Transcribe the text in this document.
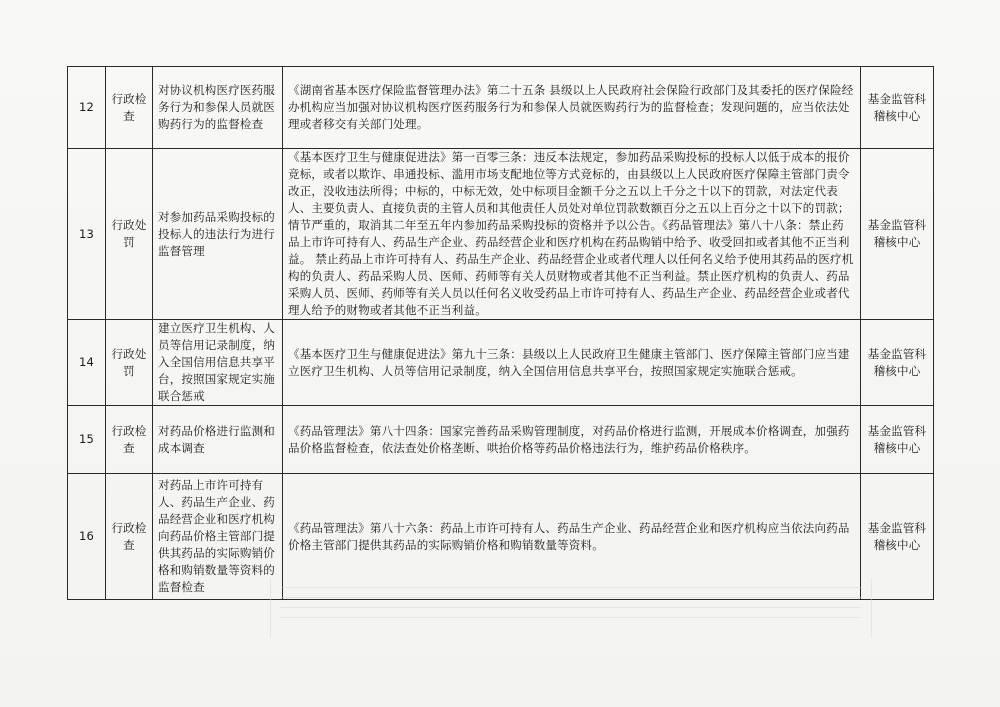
12	行政检查	对协议机构医疗医药服务行为和参保人员就医购药行为的监督检查	《湖南省基本医疗保险监督管理办法》第二十五条 县级以上人民政府社会保险行政部门及其委托的医疗保险经办机构应当加强对协议机构医疗医药服务行为和参保人员就医购药行为的监督检查；发现问题的，应当依法处理或者移交有关部门处理。	基金监管科稽核中心
13	行政处罚	对参加药品采购投标的投标人的违法行为进行监督管理	《基本医疗卫生与健康促进法》第一百零三条：违反本法规定，参加药品采购投标的投标人以低于成本的报价竞标，或者以欺诈、串通投标、滥用市场支配地位等方式竞标的，由县级以上人民政府医疗保障主管部门责令改正，没收违法所得；中标的，中标无效，处中标项目金额千分之五以上千分之十以下的罚款，对法定代表人、主要负责人、直接负责的主管人员和其他责任人员处对单位罚款数额百分之五以上百分之十以下的罚款；情节严重的，取消其二年至五年内参加药品采购投标的资格并予以公告。《药品管理法》第八十八条：禁止药品上市许可持有人、药品生产企业、药品经营企业和医疗机构在药品购销中给予、收受回扣或者其他不正当利益。 禁止药品上市许可持有人、药品生产企业、药品经营企业或者代理人以任何名义给予使用其药品的医疗机构的负责人、药品采购人员、医师、药师等有关人员财物或者其他不正当利益。禁止医疗机构的负责人、药品采购人员、医师、药师等有关人员以任何名义收受药品上市许可持有人、药品生产企业、药品经营企业或者代理人给予的财物或者其他不正当利益。	基金监管科稽核中心
14	行政处罚	建立医疗卫生机构、人员等信用记录制度，纳入全国信用信息共享平台，按照国家规定实施联合惩戒	《基本医疗卫生与健康促进法》第九十三条：县级以上人民政府卫生健康主管部门、医疗保障主管部门应当建立医疗卫生机构、人员等信用记录制度，纳入全国信用信息共享平台，按照国家规定实施联合惩戒。	基金监管科稽核中心
15	行政检查	对药品价格进行监测和成本调查	《药品管理法》第八十四条：国家完善药品采购管理制度，对药品价格进行监测，开展成本价格调查，加强药品价格监督检查，依法查处价格垄断、哄抬价格等药品价格违法行为，维护药品价格秩序。	基金监管科稽核中心
16	行政检查	对药品上市许可持有人、药品生产企业、药品经营企业和医疗机构向药品价格主管部门提供其药品的实际购销价格和购销数量等资料的监督检查	《药品管理法》第八十六条：药品上市许可持有人、药品生产企业、药品经营企业和医疗机构应当依法向药品价格主管部门提供其药品的实际购销价格和购销数量等资料。	基金监管科稽核中心
